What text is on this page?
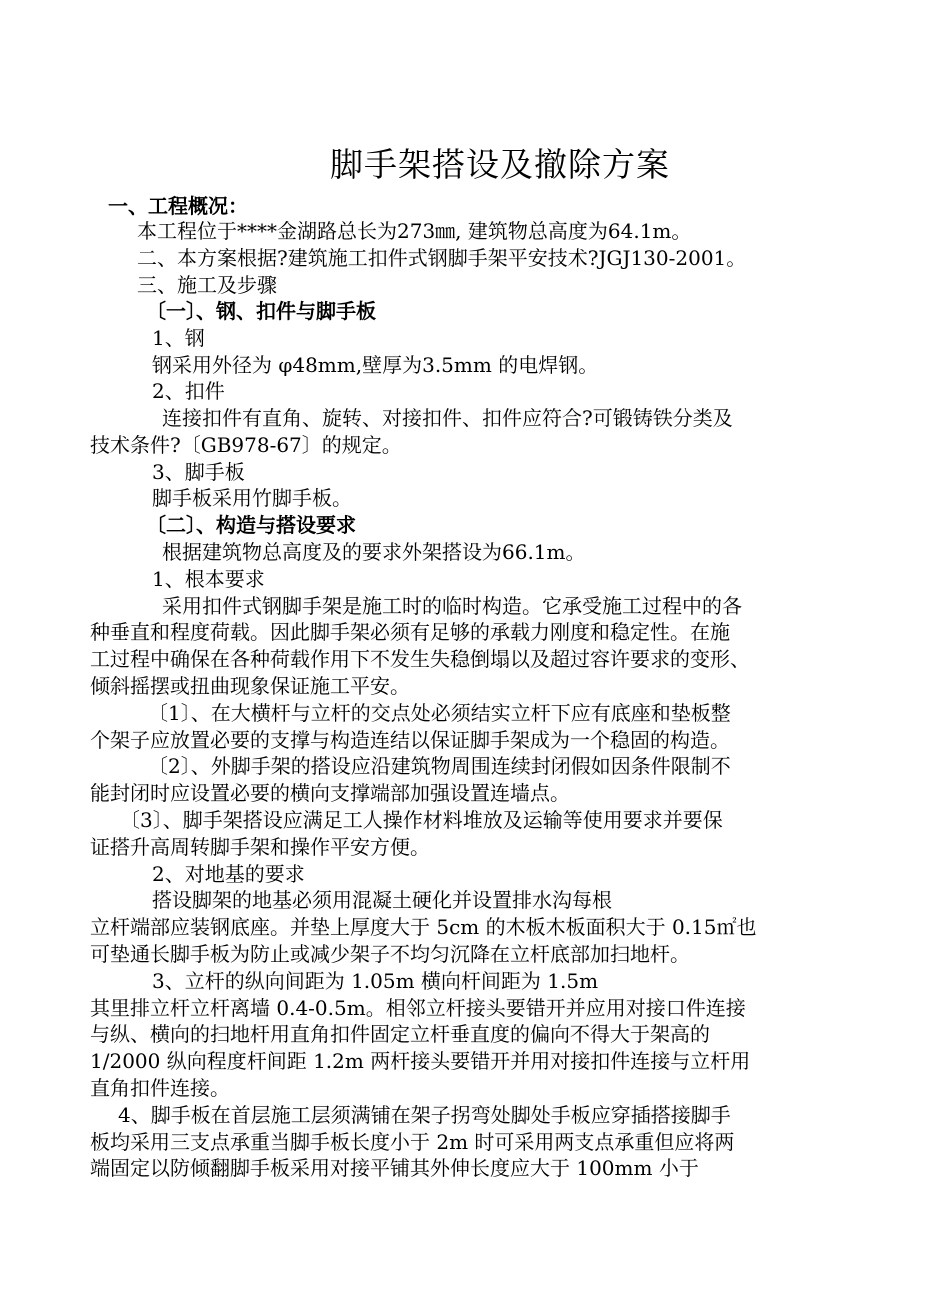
脚手架搭设及撤除方案
一、工程概况：
本工程位于****金湖路总长为273㎜, 建筑物总高度为64.1m。
二、本方案根据?建筑施工扣件式钢脚手架平安技术?JGJ130-2001。
三、施工及步骤
〔一〕、钢、扣件与脚手板
1、钢
钢采用外径为 φ48mm,壁厚为3.5mm 的电焊钢。
2、扣件
连接扣件有直角、旋转、对接扣件、扣件应符合?可锻铸铁分类及
技术条件?〔GB978-67〕的规定。
3、脚手板
脚手板采用竹脚手板。
〔二〕、构造与搭设要求
根据建筑物总高度及的要求外架搭设为66.1m。
1、根本要求
采用扣件式钢脚手架是施工时的临时构造。它承受施工过程中的各
种垂直和程度荷载。因此脚手架必须有足够的承载力刚度和稳定性。在施
工过程中确保在各种荷载作用下不发生失稳倒塌以及超过容许要求的变形、
倾斜摇摆或扭曲现象保证施工平安。
〔1〕、在大横杆与立杆的交点处必须结实立杆下应有底座和垫板整
个架子应放置必要的支撑与构造连结以保证脚手架成为一个稳固的构造。
〔2〕、外脚手架的搭设应沿建筑物周围连续封闭假如因条件限制不
能封闭时应设置必要的横向支撑端部加强设置连墙点。
〔3〕、脚手架搭设应满足工人操作材料堆放及运输等使用要求并要保
证搭升高周转脚手架和操作平安方便。
2、对地基的要求
搭设脚架的地基必须用混凝土硬化并设置排水沟每根
立杆端部应装钢底座。并垫上厚度大于 5cm 的木板木板面积大于 0.15㎡也
可垫通长脚手板为防止或减少架子不均匀沉降在立杆底部加扫地杆。
3、立杆的纵向间距为 1.05m 横向杆间距为 1.5m
其里排立杆立杆离墙 0.4-0.5m。相邻立杆接头要错开并应用对接口件连接
与纵、横向的扫地杆用直角扣件固定立杆垂直度的偏向不得大于架高的
1/2000 纵向程度杆间距 1.2m 两杆接头要错开并用对接扣件连接与立杆用
直角扣件连接。
4、脚手板在首层施工层须满铺在架子拐弯处脚处手板应穿插搭接脚手
板均采用三支点承重当脚手板长度小于 2m 时可采用两支点承重但应将两
端固定以防倾翻脚手板采用对接平铺其外伸长度应大于 100mm 小于
